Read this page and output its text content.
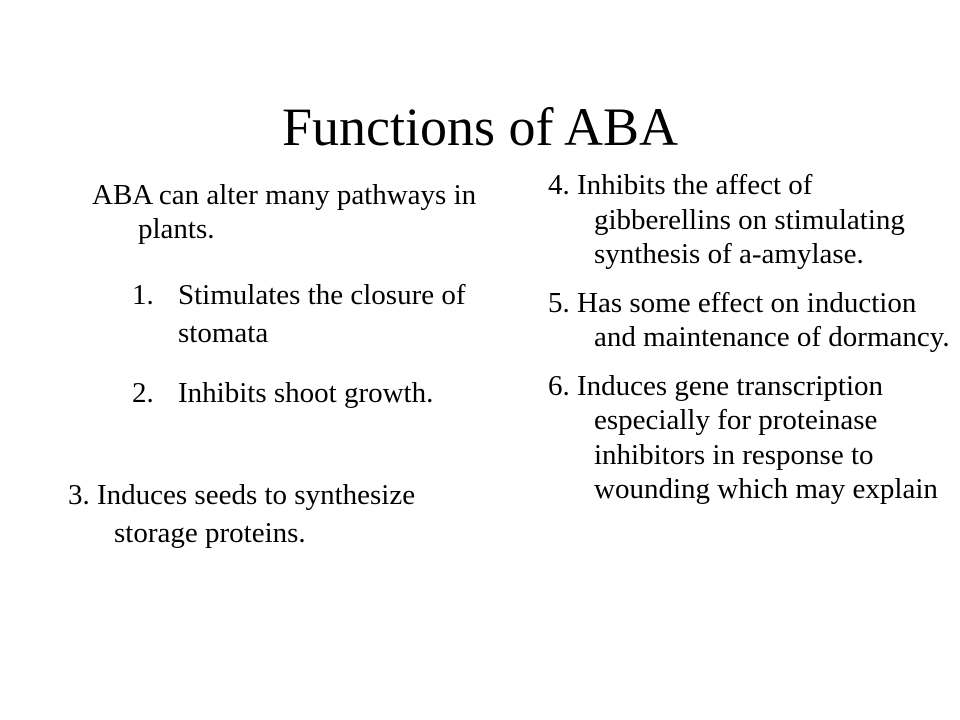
Functions of ABA

ABA can alter many pathways in plants.

1. Stimulates the closure of stomata
2. Inhibits shoot growth.

3. Induces seeds to synthesize storage proteins.

4. Inhibits the affect of gibberellins on stimulating synthesis of a-amylase.

5. Has some effect on induction and maintenance of dormancy.

6. Induces gene transcription especially for proteinase inhibitors in response to wounding which may explain
